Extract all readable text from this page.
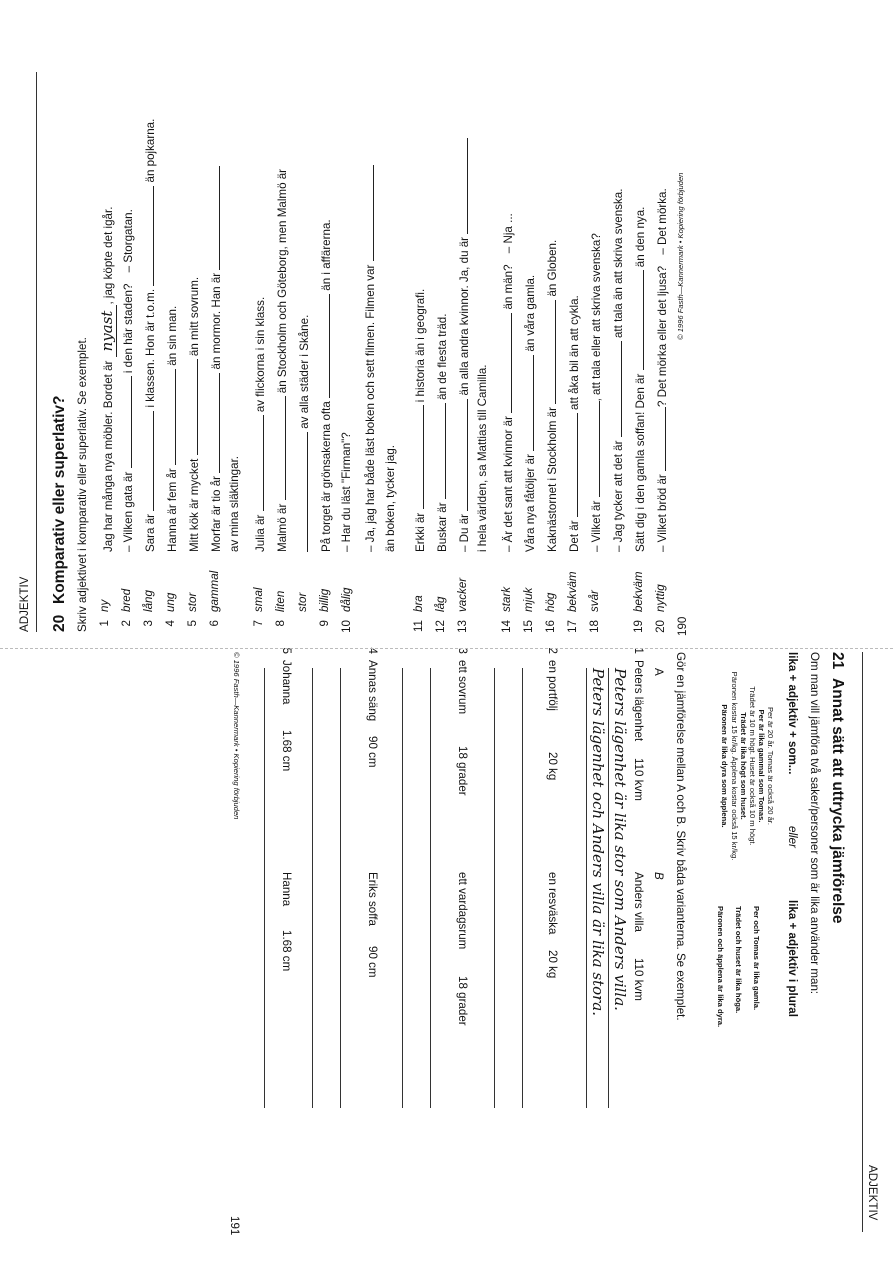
ADJEKTIV 20
Komparativ eller superlativ? Skriv adjektivet i komparativ eller superlativ. Se exemplet. 1
ny
Jag har många nya möbler. Bordet är nyast, jag köpte det igår.
2
bred
– Vilken gata är  i den här staden? – Storgatan.
3
lång
Sara är  i klassen. Hon är t.o.m.  än pojkarna.
4
ung
Hanna är fem år  än sin man.
5
stor
Mitt kök är mycket  än mitt sovrum.
6
gammal
Morfar är tio år  än mormor. Han är
av mina släktingar.
7
smal
Julia är  av flickorna i sin klass.
8
liten
Malmö är  än Stockholm och Göteborg, men Malmö är
stor
av alla städer i Skåne.
9
billig
På torget är grönsakerna ofta  än i affärerna.
10
dålig
– Har du läst "Firman"? – Ja, jag har både läst boken och sett filmen. Filmen var än boken, tycker jag.
11
bra
Erkki är  i historia än i geografi.
12
låg
Buskar är  än de flesta träd.
13
vacker
– Du är  än alla andra kvinnor. Ja, du är
i hela världen, sa Mattias till Camilla.
14
stark
– Är det sant att kvinnor är  än män? – Nja ...
15
mjuk
Våra nya fåtöljer är  än våra gamla.
16
hög
Kaknästornet i Stockholm är  än Globen.
17
bekväm
Det är  att åka bil än att cykla.
18
svår
– Vilket är , att tala eller att skriva svenska?
– Jag tycker att det är  att tala än att skriva svenska.
19
bekväm
Sätt dig i den gamla soffan! Den är  än den nya.
20
nyttig
– Vilket bröd är ? Det mörka eller det ljusa? – Det mörka. © 1996 Fasth—Kannermark • Kopiering förbjuden
190
ADJEKTIV
21
Annat sätt att uttrycka jämförelse
Om man vill jämföra två saker/personer som är lika använder man:
lika + adjektiv + som...
eller
lika + adjektiv i plural
Per är 20 år. Tomas är också 20 år.
Per är lika gammal som Tomas.
Trädet är 10 m högt. Huset är också 10 m högt.
Trädet är lika högt som huset.
Päronen kostar 15 kr/kg. Äpplena kostar också 15 kr/kg.
Päronen är lika dyra som äpplena.
Per och Tomas är lika gamla.
Trädet och huset är lika höga.
Päronen och äpplena är lika dyra.
Gör en jämförelse mellan A och B. Skriv båda varianterna. Se exemplet.
A
B
1
Peters lägenhet
110 kvm
Anders villa
110 kvm
Peters lägenhet är lika stor som Anders villa.
Peters lägenhet och Anders villa är lika stora.
2
en portfölj
20 kg
en resväska
20 kg
3
ett sovrum
18 grader
ett vardagsrum
18 grader
4
Annas säng
90 cm
Eriks soffa
90 cm
5
Johanna
1.68 cm
Hanna
1.68 cm
© 1996 Fasth—Kannermark • Kopiering förbjuden
191
